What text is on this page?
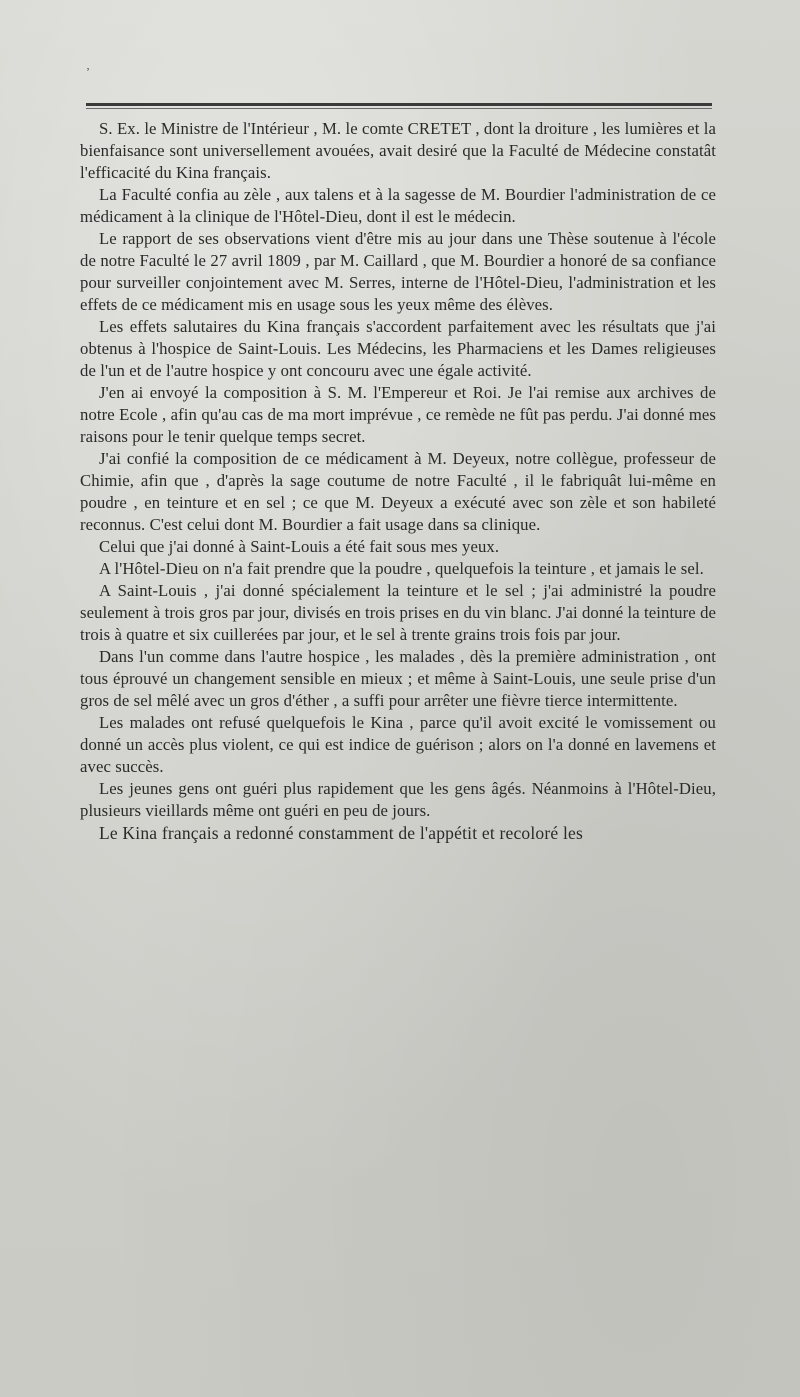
‚

S. Ex. le Ministre de l'Intérieur , M. le comte CRETET , dont la droiture , les lumières et la bienfaisance sont universellement avouées, avait desiré que la Faculté de Médecine constatât l'efficacité du Kina français.

La Faculté confia au zèle , aux talens et à la sagesse de M. Bourdier l'administration de ce médicament à la clinique de l'Hôtel-Dieu, dont il est le médecin.

Le rapport de ses observations vient d'être mis au jour dans une Thèse soutenue à l'école de notre Faculté le 27 avril 1809 , par M. Caillard , que M. Bourdier a honoré de sa confiance pour surveiller conjointement avec M. Serres, interne de l'Hôtel-Dieu, l'administration et les effets de ce médicament mis en usage sous les yeux même des élèves.

Les effets salutaires du Kina français s'accordent parfaitement avec les résultats que j'ai obtenus à l'hospice de Saint-Louis. Les Médecins, les Pharmaciens et les Dames religieuses de l'un et de l'autre hospice y ont concouru avec une égale activité.

J'en ai envoyé la composition à S. M. l'Empereur et Roi. Je l'ai remise aux archives de notre Ecole , afin qu'au cas de ma mort imprévue , ce remède ne fût pas perdu. J'ai donné mes raisons pour le tenir quelque temps secret.

J'ai confié la composition de ce médicament à M. Deyeux, notre collègue, professeur de Chimie, afin que , d'après la sage coutume de notre Faculté , il le fabriquât lui-même en poudre , en teinture et en sel ; ce que M. Deyeux a exécuté avec son zèle et son habileté reconnus. C'est celui dont M. Bourdier a fait usage dans sa clinique.

Celui que j'ai donné à Saint-Louis a été fait sous mes yeux.

A l'Hôtel-Dieu on n'a fait prendre que la poudre , quelquefois la teinture , et jamais le sel.

A Saint-Louis , j'ai donné spécialement la teinture et le sel ; j'ai administré la poudre seulement à trois gros par jour, divisés en trois prises en du vin blanc. J'ai donné la teinture de trois à quatre et six cuillerées par jour, et le sel à trente grains trois fois par jour.

Dans l'un comme dans l'autre hospice , les malades , dès la première administration , ont tous éprouvé un changement sensible en mieux ; et même à Saint-Louis, une seule prise d'un gros de sel mêlé avec un gros d'éther , a suffi pour arrêter une fièvre tierce intermittente.

Les malades ont refusé quelquefois le Kina , parce qu'il avoit excité le vomissement ou donné un accès plus violent, ce qui est indice de guérison ; alors on l'a donné en lavemens et avec succès.

Les jeunes gens ont guéri plus rapidement que les gens âgés. Néanmoins à l'Hôtel-Dieu, plusieurs vieillards même ont guéri en peu de jours.

Le Kina français a redonné constamment de l'appétit et recoloré les
